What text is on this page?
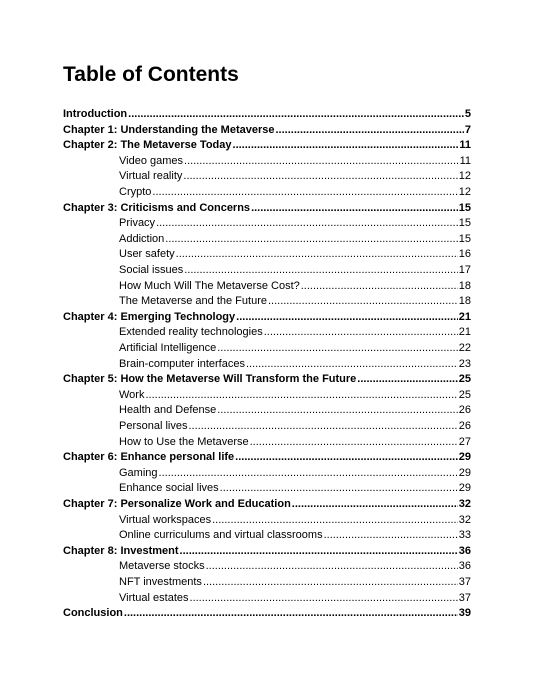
Table of Contents
Introduction .....	5
Chapter 1: Understanding the Metaverse .....	7
Chapter 2: The Metaverse Today .....	11
Video games .....	11
Virtual reality .....	12
Crypto .....	12
Chapter 3: Criticisms and Concerns .....	15
Privacy .....	15
Addiction .....	15
User safety .....	16
Social issues .....	17
How Much Will The Metaverse Cost? .....	18
The Metaverse and the Future .....	18
Chapter 4: Emerging Technology .....	21
Extended reality technologies .....	21
Artificial Intelligence .....	22
Brain-computer interfaces .....	23
Chapter 5: How the Metaverse Will Transform the Future .....	25
Work .....	25
Health and Defense .....	26
Personal lives .....	26
How to Use the Metaverse .....	27
Chapter 6: Enhance personal life .....	29
Gaming .....	29
Enhance social lives .....	29
Chapter 7: Personalize Work and Education .....	32
Virtual workspaces .....	32
Online curriculums and virtual classrooms .....	33
Chapter 8: Investment .....	36
Metaverse stocks .....	36
NFT investments .....	37
Virtual estates .....	37
Conclusion .....	39
